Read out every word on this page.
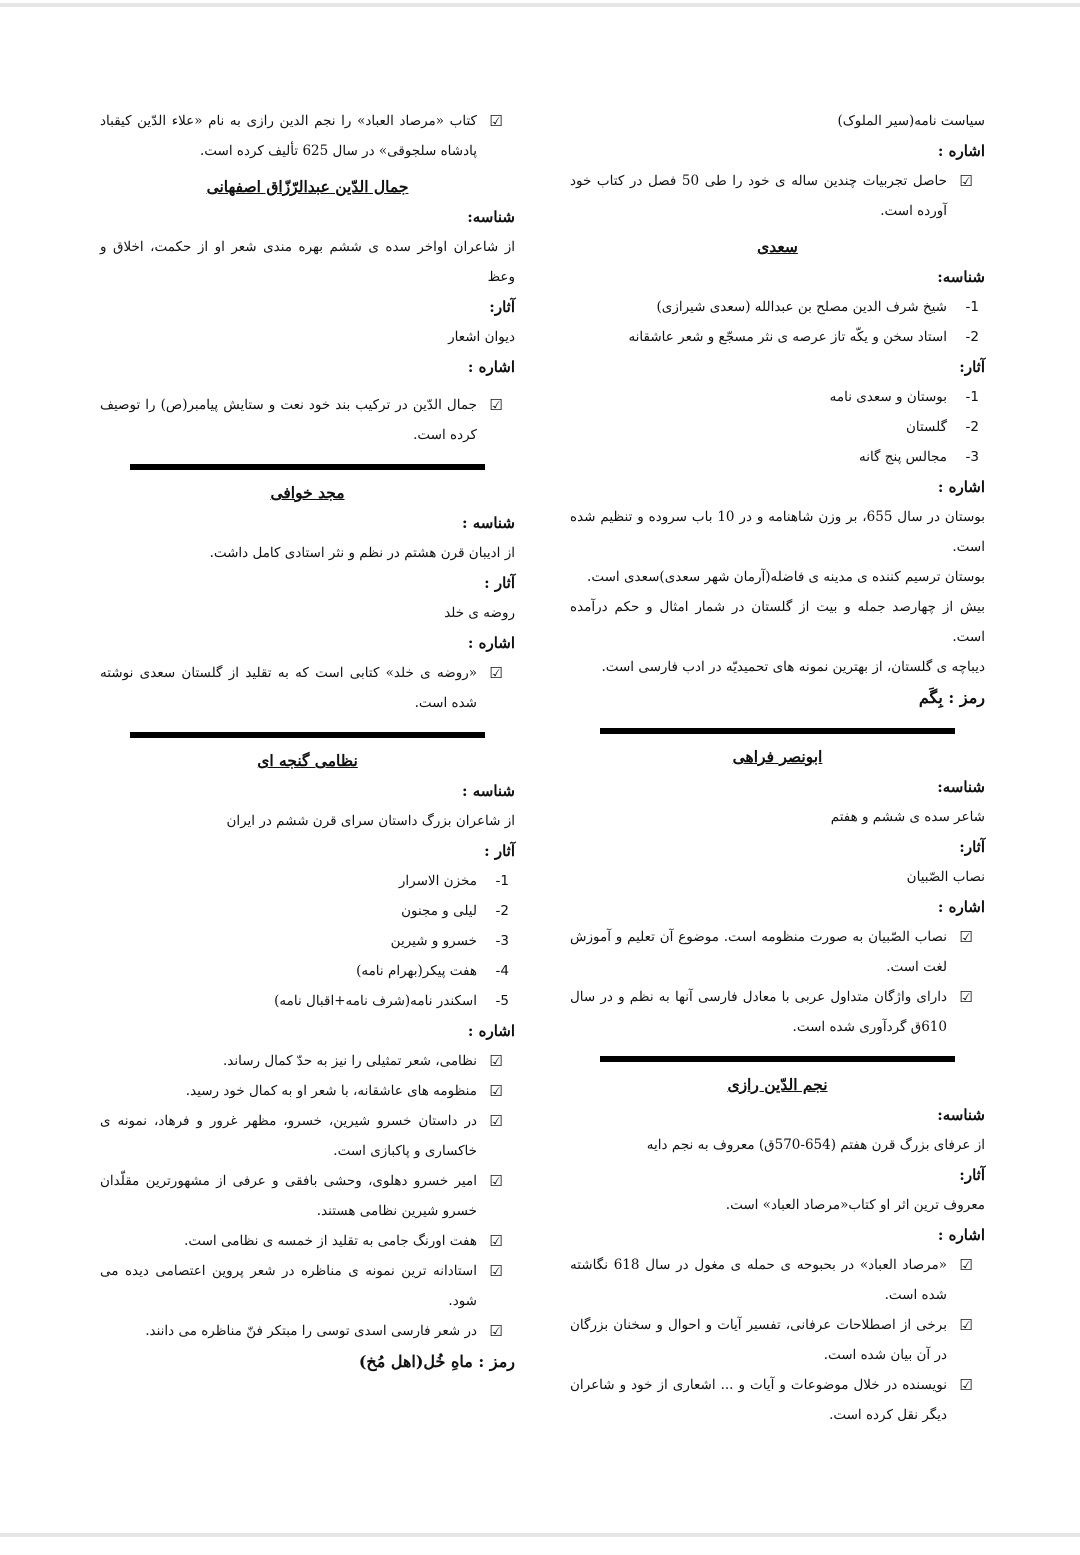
سیاست نامه(سیر الملوک)
اشاره :
☑
حاصل تجربیات چندین ساله ی خود را طی 50 فصل در کتاب خود آورده است.
سعدی
شناسه:
1-
شیخ شرف الدین مصلح بن عبدالله (سعدی شیرازی)
2-
استاد سخن و یکّه تاز عرصه ی نثر مسجّع و شعر عاشقانه
آثار:
1-
بوستان و سعدی نامه
2-
گلستان
3-
مجالس پنج گانه
اشاره :
بوستان در سال 655، بر وزن شاهنامه و در 10 باب سروده و تنظیم شده است.
بوستان ترسیم کننده ی مدینه ی فاضله(آرمان شهر سعدی)سعدی است.
بیش از چهارصد جمله و بیت از گلستان در شمار امثال و حکم درآمده است.
دیباچه ی گلستان، از بهترین نمونه های تحمیدیّه در ادب فارسی است.
رمز : بِگَم
ابونصر فراهی
شناسه:
شاعر سده ی ششم و هفتم
آثار:
نصاب الصّبیان
اشاره :
☑
نصاب الصّبیان به صورت منظومه است. موضوع آن تعلیم و آموزش لغت است.
☑
دارای واژگان متداول عربی با معادل فارسی آنها به نظم و در سال 610ق گردآوری شده است.
نجم الدّین رازی
شناسه:
از عرفای بزرگ قرن هفتم (654-570ق) معروف به نجم دایه
آثار:
معروف ترین اثر او کتاب«مرصاد العباد» است.
اشاره :
☑
«مرصاد العباد» در بحبوحه ی حمله ی مغول در سال 618 نگاشته شده است.
☑
برخی از اصطلاحات عرفانی، تفسیر آیات و احوال و سخنان بزرگان در آن بیان شده است.
☑
نویسنده در خلال موضوعات و آیات و ... اشعاری از خود و شاعران دیگر نقل کرده است.
☑
کتاب «مرصاد العباد» را نجم الدین رازی به نام «علاء الدّین کیقباد پادشاه سلجوقی» در سال 625 تألیف کرده است.
جمال الدّین عبدالرّزّاق اصفهانی
شناسه:
از شاعران اواخر سده ی ششم بهره مندی شعر او از حکمت، اخلاق و وعظ
آثار:
دیوان اشعار
اشاره :
☑
جمال الدّین در ترکیب بند خود نعت و ستایش پیامبر(ص) را توصیف کرده است.
مجد خوافی
شناسه :
از ادیبان قرن هشتم در نظم و نثر استادی کامل داشت.
آثار :
روضه ی خلد
اشاره :
☑
«روضه ی خلد» کتابی است که به تقلید از گلستان سعدی نوشته شده است.
نظامی گنجه ای
شناسه :
از شاعران بزرگ داستان سرای قرن ششم در ایران
آثار :
1-
مخزن الاسرار
2-
لیلی و مجنون
3-
خسرو و شیرین
4-
هفت پیکر(بهرام نامه)
5-
اسکندر نامه(شرف نامه+اقبال نامه)
اشاره :
☑
نظامی، شعر تمثیلی را نیز به حدّ کمال رساند.
☑
منظومه های عاشقانه، با شعر او به کمال خود رسید.
☑
در داستان خسرو شیرین، خسرو، مظهر غرور و فرهاد، نمونه ی خاکساری و پاکبازی است.
☑
امیر خسرو دهلوی، وحشی بافقی و عرفی از مشهورترین مقلّدان خسرو شیرین نظامی هستند.
☑
هفت اورنگ جامی به تقلید از خمسه ی نظامی است.
☑
استادانه ترین نمونه ی مناظره در شعر پروین اعتصامی دیده می شود.
☑
در شعر فارسی اسدی توسی را مبتکر فنّ مناظره می دانند.
رمز : ماهِ خُل(اهل مُخ)
